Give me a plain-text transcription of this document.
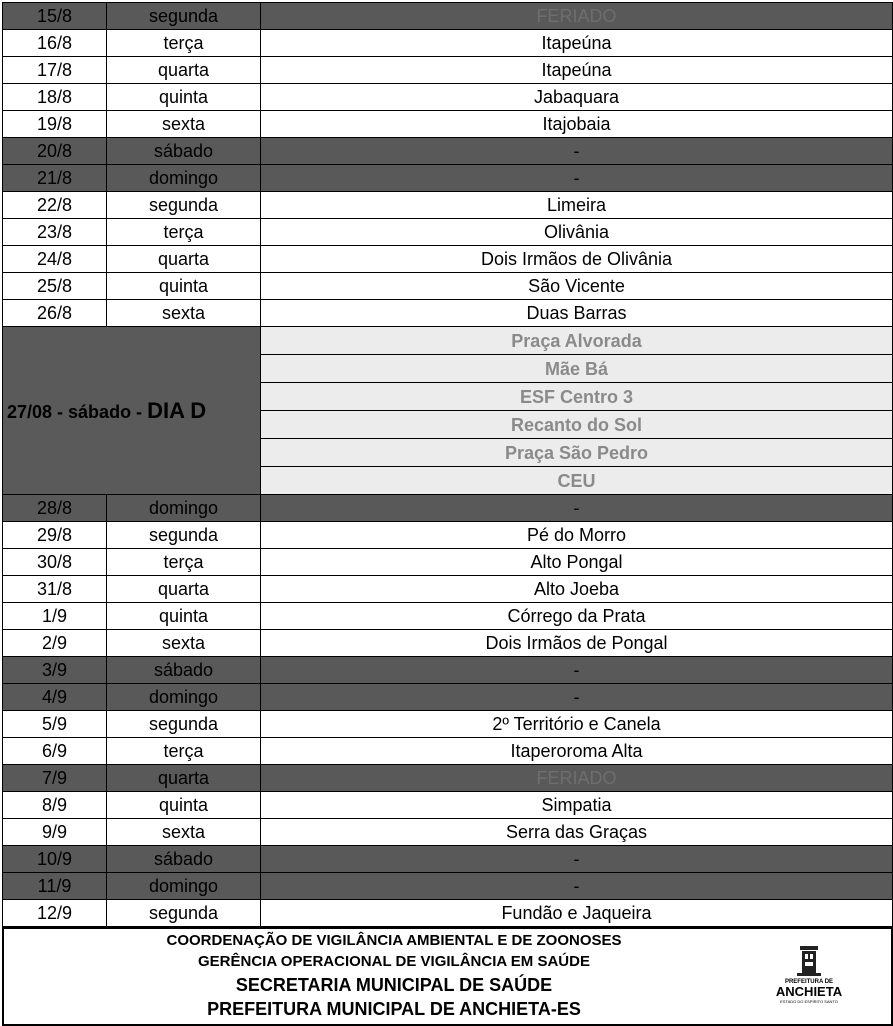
15/8	segunda	FERIADO
16/8	terça	Itapeúna
17/8	quarta	Itapeúna
18/8	quinta	Jabaquara
19/8	sexta	Itajobaia
20/8	sábado	-
21/8	domingo	-
22/8	segunda	Limeira
23/8	terça	Olivânia
24/8	quarta	Dois Irmãos de Olivânia
25/8	quinta	São Vicente
26/8	sexta	Duas Barras
27/08 - sábado - DIA D		Praça Alvorada
		Mãe Bá
		ESF Centro 3
		Recanto do Sol
		Praça São Pedro
		CEU
28/8	domingo	-
29/8	segunda	Pé do Morro
30/8	terça	Alto Pongal
31/8	quarta	Alto Joeba
1/9	quinta	Córrego da Prata
2/9	sexta	Dois Irmãos de Pongal
3/9	sábado	-
4/9	domingo	-
5/9	segunda	2º Território e Canela
6/9	terça	Itaperoroma Alta
7/9	quarta	FERIADO
8/9	quinta	Simpatia
9/9	sexta	Serra das Graças
10/9	sábado	-
11/9	domingo	-
12/9	segunda	Fundão e Jaqueira
COORDENAÇÃO DE VIGILÂNCIA AMBIENTAL E DE ZOONOSES
GERÊNCIA OPERACIONAL DE VIGILÂNCIA EM SAÚDE
SECRETARIA MUNICIPAL DE SAÚDE
PREFEITURA MUNICIPAL DE ANCHIETA-ES
PREFEITURA DE
ANCHIETA
ESTADO DO ESPÍRITO SANTO
